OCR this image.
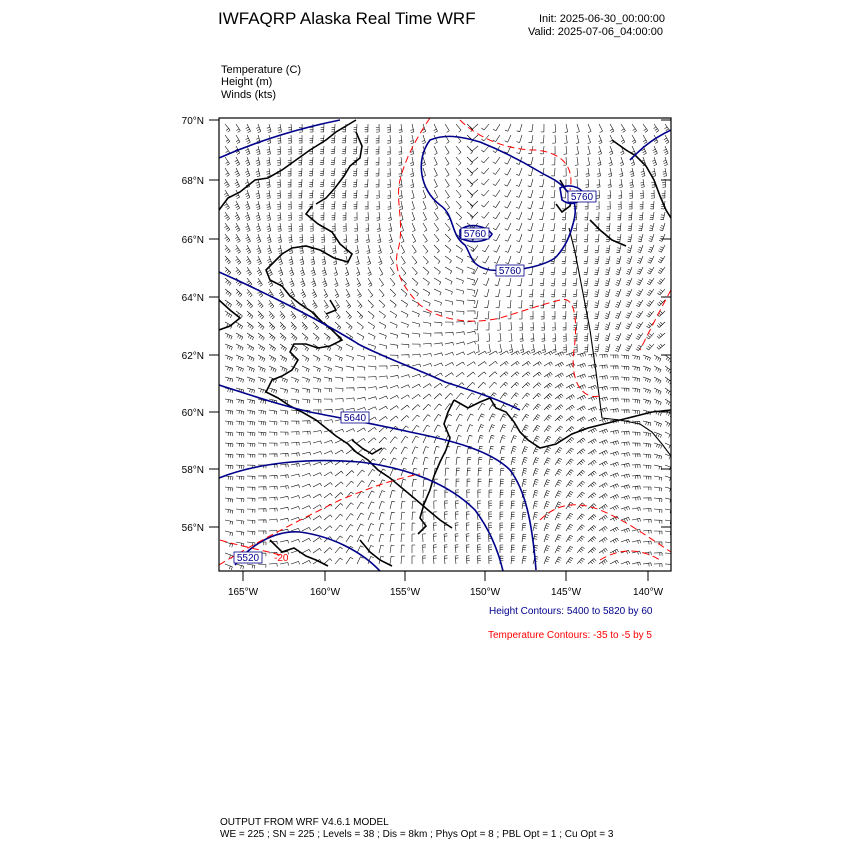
IWFAQRP Alaska Real Time WRF	Init: 2025-06-30_00:00:00
Valid: 2025-07-06_04:00:00
Temperature (C)
Height (m)
Winds (kts)
5760
5760
5760
5640
5520 -20
70°N
68°N
66°N
64°N
62°N
60°N
58°N
56°N
165°W	160°W	155°W	150°W	145°W	140°W
Height Contours: 5400 to 5820 by 60
Temperature Contours: -35 to -5 by 5
OUTPUT FROM WRF V4.6.1 MODEL
WE = 225 ; SN = 225 ; Levels = 38 ; Dis = 8km ; Phys Opt = 8 ; PBL Opt = 1 ; Cu Opt = 3
